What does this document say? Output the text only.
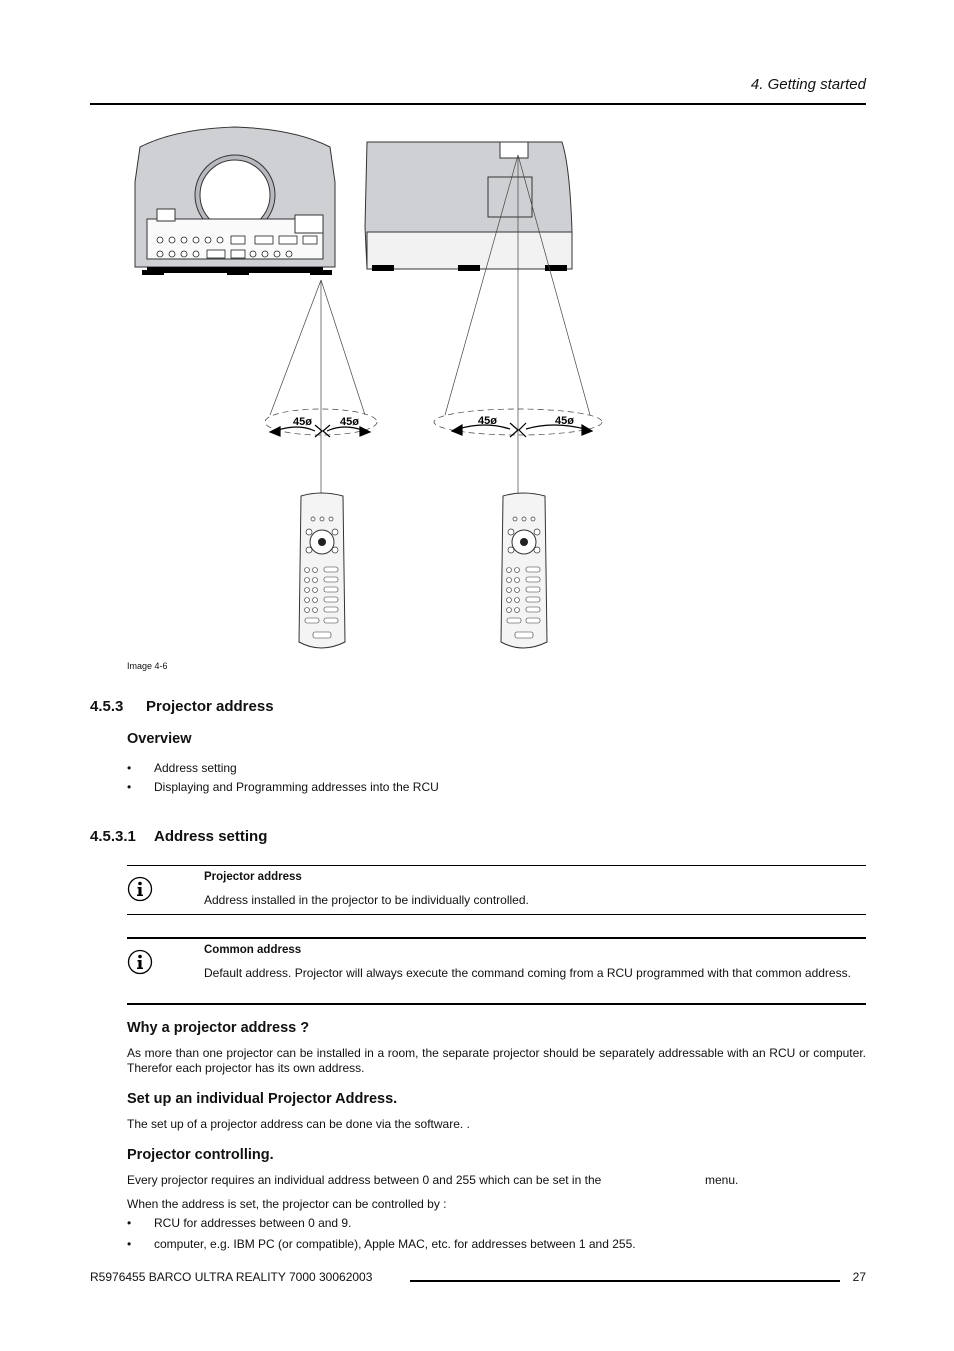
4. Getting started
45ø	45ø	45ø	45ø
Image 4-6
4.5.3 Projector address
Overview
• Address setting
• Displaying and Programming addresses into the RCU
4.5.3.1 Address setting
Projector address
Address installed in the projector to be individually controlled.
Common address
Default address. Projector will always execute the command coming from a RCU programmed with that common address.
Why a projector address ?
As more than one projector can be installed in a room, the separate projector should be separately addressable with an RCU or computer. Therefor each projector has its own address.
Set up an individual Projector Address.
The set up of a projector address can be done via the software. .
Projector controlling.
Every projector requires an individual address between 0 and 255 which can be set in the	menu.
When the address is set, the projector can be controlled by :
• RCU for addresses between 0 and 9.
• computer, e.g. IBM PC (or compatible), Apple MAC, etc. for addresses between 1 and 255.
R5976455 BARCO ULTRA REALITY 7000 30062003	27
